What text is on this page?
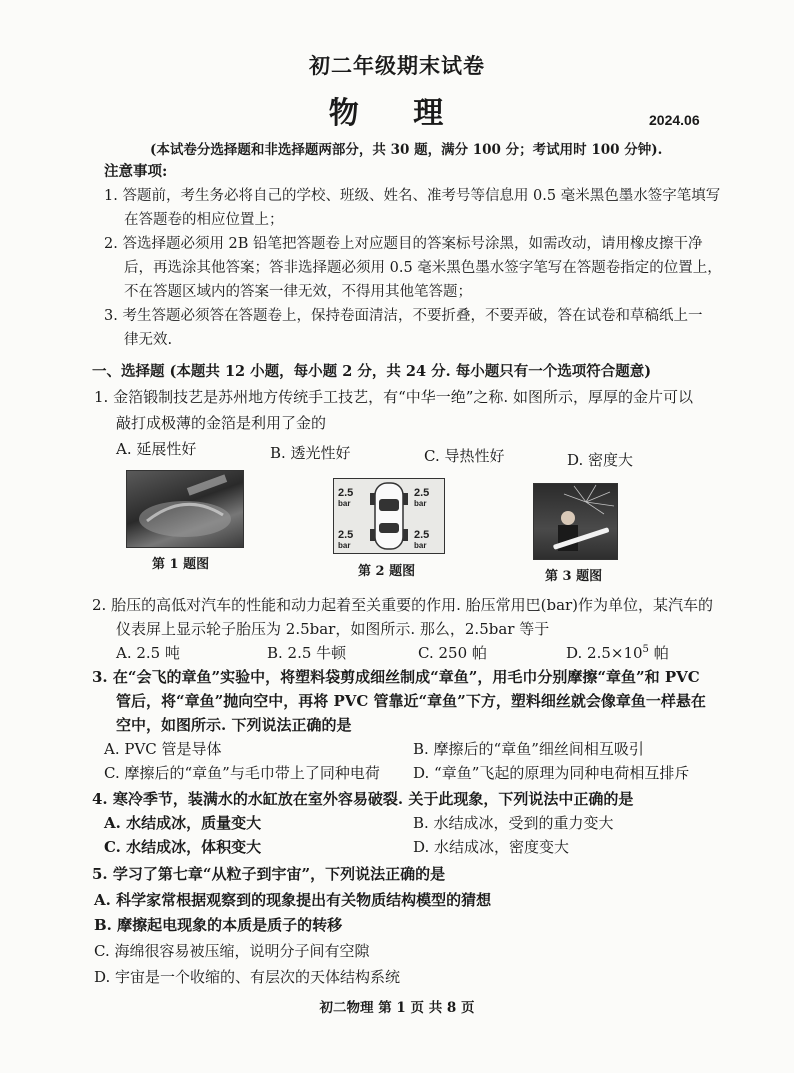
初二年级期末试卷
物 理	2024.06
(本试卷分选择题和非选择题两部分，共 30 题，满分 100 分；考试用时 100 分钟).
注意事项:
1. 答题前，考生务必将自己的学校、班级、姓名、准考号等信息用 0.5 毫米黑色墨水签字笔填写
在答题卷的相应位置上；
2. 答选择题必须用 2B 铅笔把答题卷上对应题目的答案标号涂黑，如需改动，请用橡皮擦干净
后，再选涂其他答案；答非选择题必须用 0.5 毫米黑色墨水签字笔写在答题卷指定的位置上，
不在答题区域内的答案一律无效，不得用其他笔答题；
3. 考生答题必须答在答题卷上，保持卷面清洁，不要折叠，不要弄破，答在试卷和草稿纸上一
律无效.
一、选择题 (本题共 12 小题，每小题 2 分，共 24 分. 每小题只有一个选项符合题意)
1. 金箔锻制技艺是苏州地方传统手工技艺，有“中华一绝”之称. 如图所示，厚厚的金片可以
敲打成极薄的金箔是利用了金的
A. 延展性好	B. 透光性好	C. 导热性好	D. 密度大
第 1 题图
2.5	2.5
2.5	2.5
bar	bar
bar	bar
第 2 题图	第 3 题图
2. 胎压的高低对汽车的性能和动力起着至关重要的作用. 胎压常用巴(bar)作为单位，某汽车的
仪表屏上显示轮子胎压为 2.5bar，如图所示. 那么，2.5bar 等于
A. 2.5 吨	B. 2.5 牛顿	C. 250 帕	D. $2.5\times 10^5$ 帕
3. 在“会飞的章鱼”实验中，将塑料袋剪成细丝制成“章鱼”，用毛巾分别摩擦“章鱼”和 PVC
管后，将“章鱼”抛向空中，再将 PVC 管靠近“章鱼”下方，塑料细丝就会像章鱼一样悬在
空中，如图所示. 下列说法正确的是
A. PVC 管是导体	B. 摩擦后的“章鱼”细丝间相互吸引
C. 摩擦后的“章鱼”与毛巾带上了同种电荷 D. “章鱼”飞起的原理为同种电荷相互排斥
4. 寒冷季节，装满水的水缸放在室外容易破裂. 关于此现象，下列说法中正确的是
A. 水结成冰，质量变大	B. 水结成冰，受到的重力变大
C. 水结成冰，体积变大	D. 水结成冰，密度变大
5. 学习了第七章“从粒子到宇宙”，下列说法正确的是
A. 科学家常根据观察到的现象提出有关物质结构模型的猜想
B. 摩擦起电现象的本质是质子的转移
C. 海绵很容易被压缩，说明分子间有空隙
D. 宇宙是一个收缩的、有层次的天体结构系统
初二物理 第 1 页 共 8 页
